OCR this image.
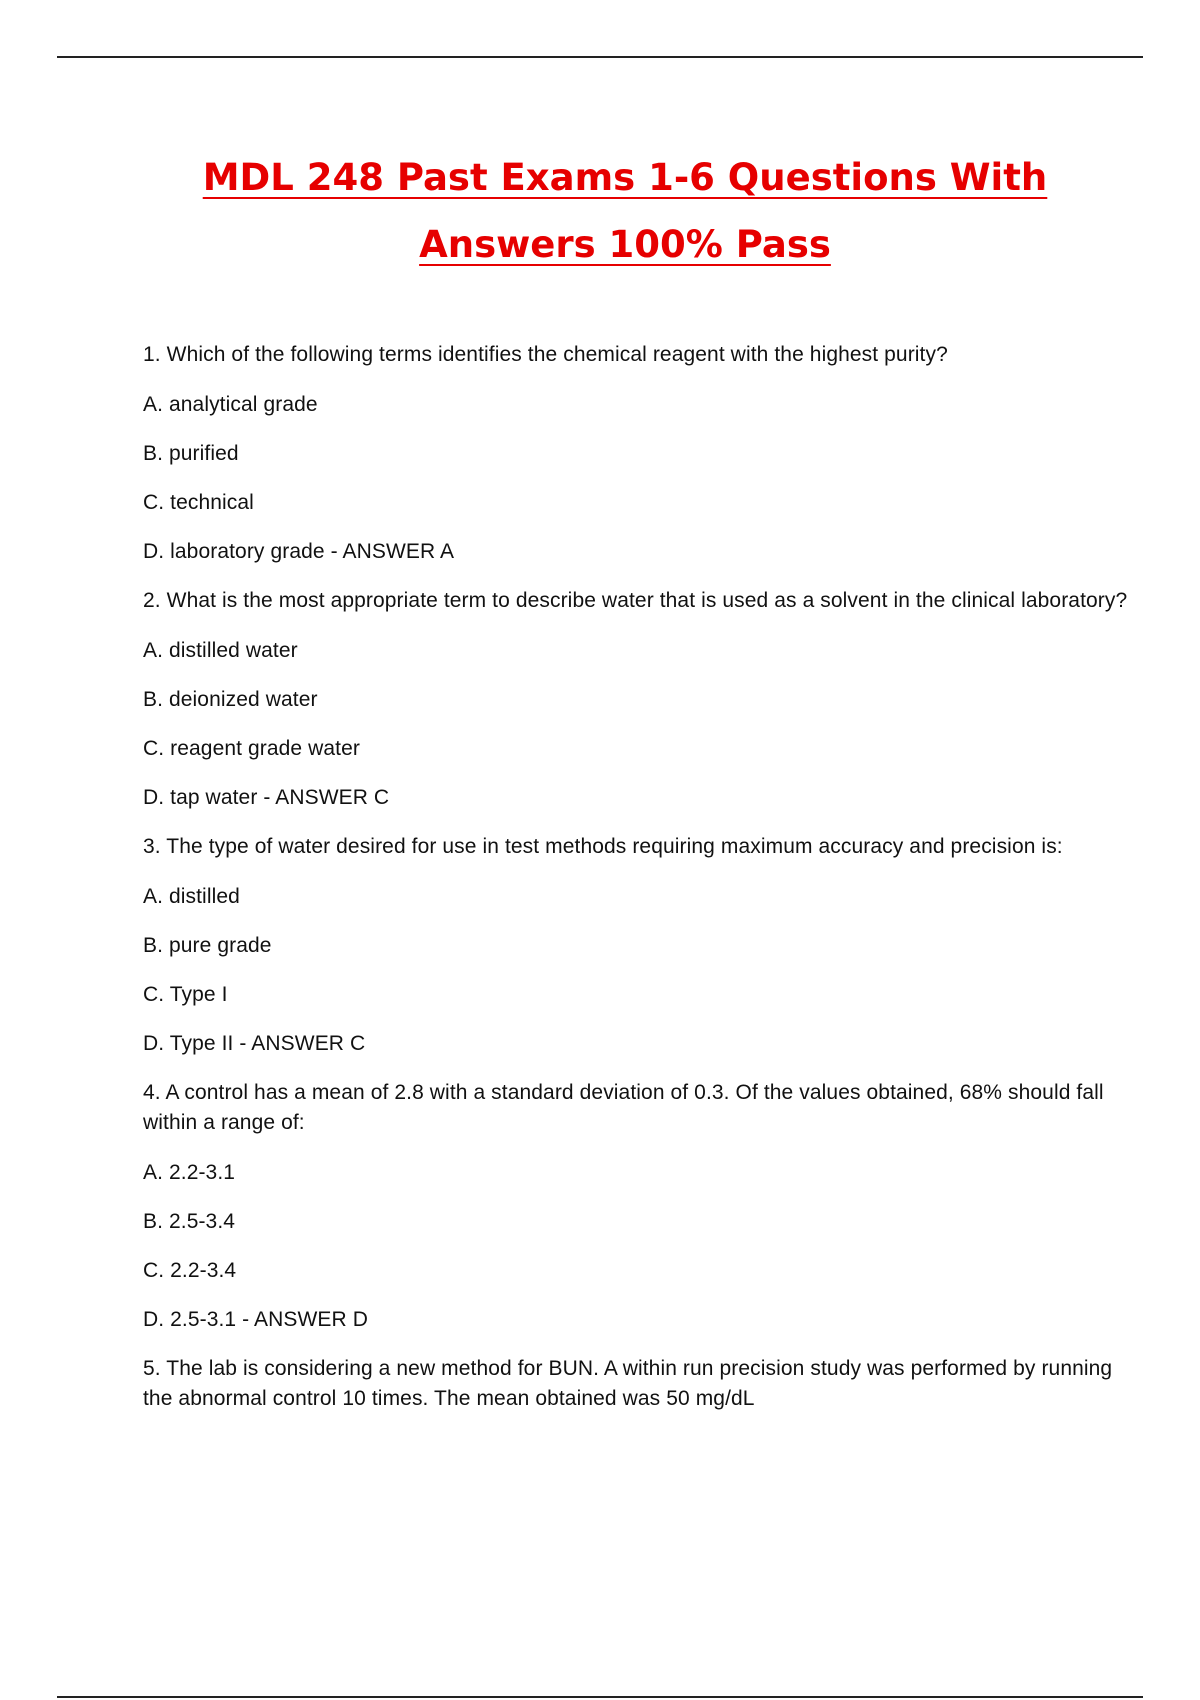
MDL 248 Past Exams 1-6 Questions With
Answers 100% Pass

1. Which of the following terms identifies the chemical reagent with the highest purity?

A. analytical grade

B. purified

C. technical

D. laboratory grade - ANSWER A

2. What is the most appropriate term to describe water that is used as a solvent in the clinical laboratory?

A. distilled water

B. deionized water

C. reagent grade water

D. tap water - ANSWER C

3. The type of water desired for use in test methods requiring maximum accuracy and precision is:

A. distilled

B. pure grade

C. Type I

D. Type II - ANSWER C

4. A control has a mean of 2.8 with a standard deviation of 0.3. Of the values obtained, 68% should fall within a range of:

A. 2.2-3.1

B. 2.5-3.4

C. 2.2-3.4

D. 2.5-3.1 - ANSWER D

5. The lab is considering a new method for BUN. A within run precision study was performed by running the abnormal control 10 times. The mean obtained was 50 mg/dL
